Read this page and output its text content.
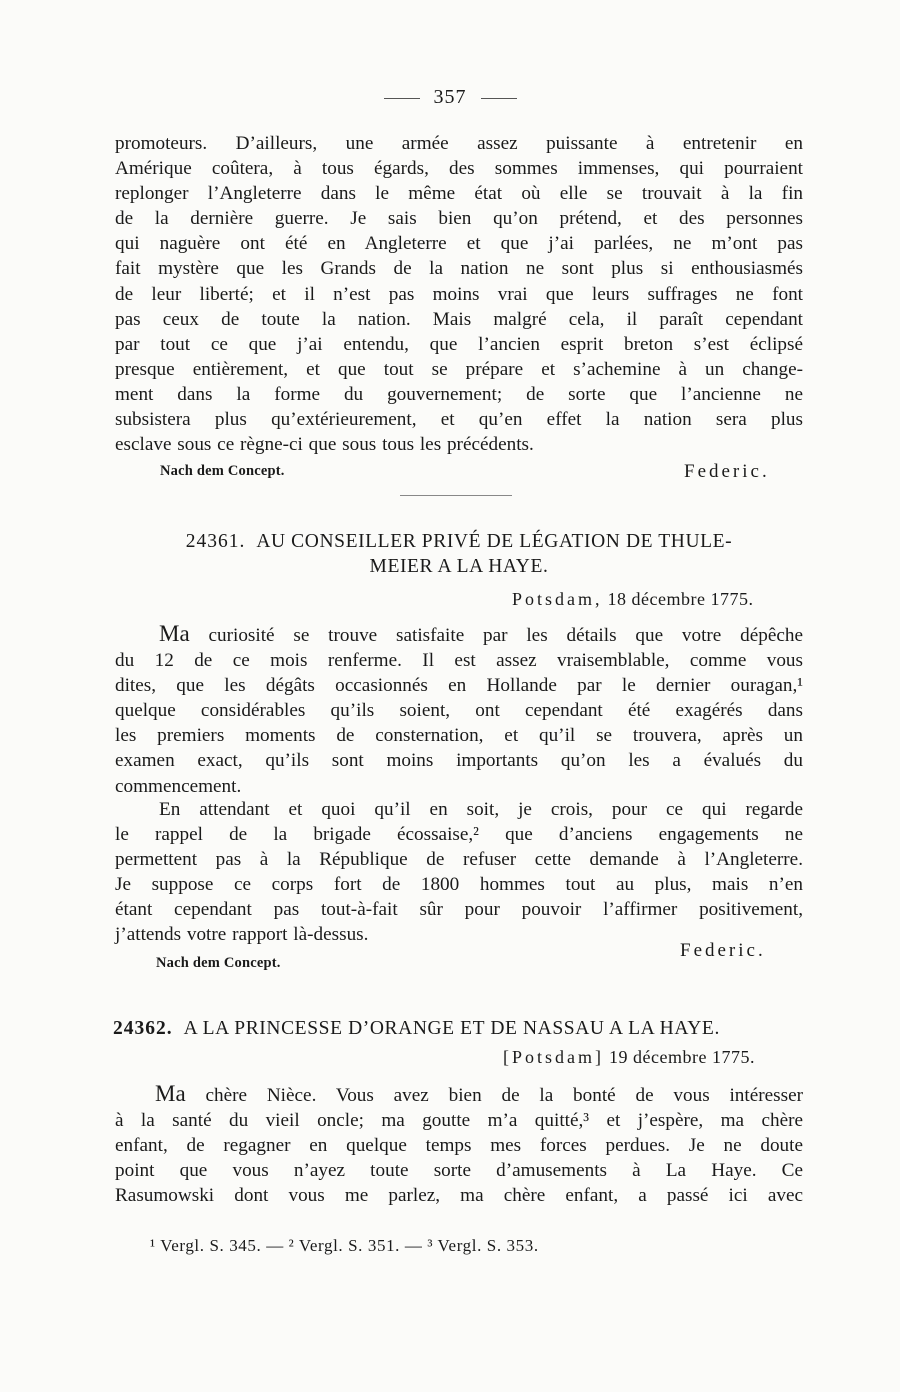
357
promoteurs. D’ailleurs, une armée assez puissante à entretenir en
Amérique coûtera, à tous égards, des sommes immenses, qui pourraient
replonger l’Angleterre dans le même état où elle se trouvait à la fin
de la dernière guerre. Je sais bien qu’on prétend, et des personnes
qui naguère ont été en Angleterre et que j’ai parlées, ne m’ont pas
fait mystère que les Grands de la nation ne sont plus si enthousiasmés
de leur liberté; et il n’est pas moins vrai que leurs suffrages ne font
pas ceux de toute la nation. Mais malgré cela, il paraît cependant
par tout ce que j’ai entendu, que l’ancien esprit breton s’est éclipsé
presque entièrement, et que tout se prépare et s’achemine à un change-
ment dans la forme du gouvernement; de sorte que l’ancienne ne
subsistera plus qu’extérieurement, et qu’en effet la nation sera plus
esclave sous ce règne-ci que sous tous les précédents.
Nach dem Concept.	Federic.
24361. AU CONSEILLER PRIVÉ DE LÉGATION DE THULE-
MEIER A LA HAYE.
Potsdam, 18 décembre 1775.
Ma curiosité se trouve satisfaite par les détails que votre dépêche
du 12 de ce mois renferme. Il est assez vraisemblable, comme vous
dites, que les dégâts occasionnés en Hollande par le dernier ouragan,¹
quelque considérables qu’ils soient, ont cependant été exagérés dans
les premiers moments de consternation, et qu’il se trouvera, après un
examen exact, qu’ils sont moins importants qu’on les a évalués du
commencement.
En attendant et quoi qu’il en soit, je crois, pour ce qui regarde
le rappel de la brigade écossaise,² que d’anciens engagements ne
permettent pas à la République de refuser cette demande à l’Angleterre.
Je suppose ce corps fort de 1800 hommes tout au plus, mais n’en
étant cependant pas tout-à-fait sûr pour pouvoir l’affirmer positivement,
j’attends votre rapport là-dessus.
Federic.
Nach dem Concept.
24362. A LA PRINCESSE D’ORANGE ET DE NASSAU A LA HAYE.
[Potsdam] 19 décembre 1775.
Ma chère Nièce. Vous avez bien de la bonté de vous intéresser
à la santé du vieil oncle; ma goutte m’a quitté,³ et j’espère, ma chère
enfant, de regagner en quelque temps mes forces perdues. Je ne doute
point que vous n’ayez toute sorte d’amusements à La Haye. Ce
Rasumowski dont vous me parlez, ma chère enfant, a passé ici avec
¹ Vergl. S. 345. — ² Vergl. S. 351. — ³ Vergl. S. 353.
